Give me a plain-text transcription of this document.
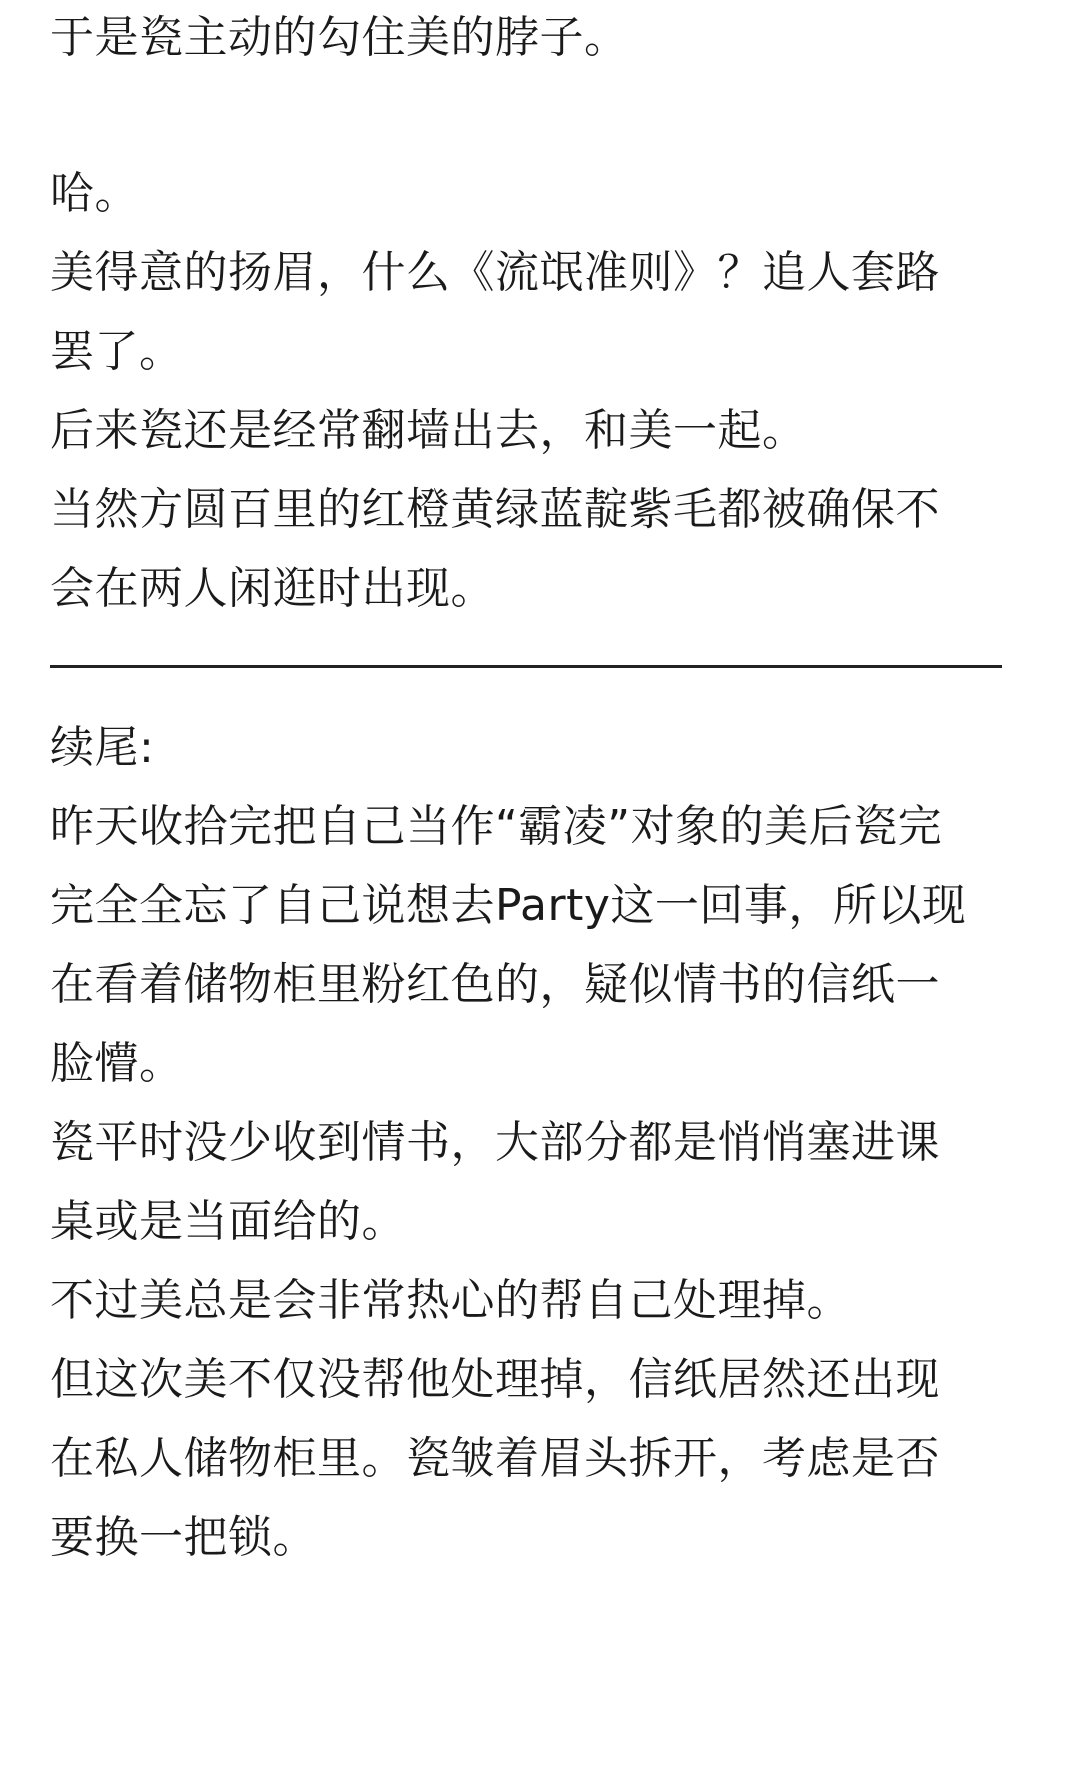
于是瓷主动的勾住美的脖子。
哈。
美得意的扬眉，什么《流氓准则》？追人套路
罢了。
后来瓷还是经常翻墙出去，和美一起。
当然方圆百里的红橙黄绿蓝靛紫毛都被确保不
会在两人闲逛时出现。
续尾:
昨天收拾完把自己当作“霸凌”对象的美后瓷完
完全全忘了自己说想去Party这一回事，所以现
在看着储物柜里粉红色的，疑似情书的信纸一
脸懵。
瓷平时没少收到情书，大部分都是悄悄塞进课
桌或是当面给的。
不过美总是会非常热心的帮自己处理掉。
但这次美不仅没帮他处理掉，信纸居然还出现
在私人储物柜里。瓷皱着眉头拆开，考虑是否
要换一把锁。
